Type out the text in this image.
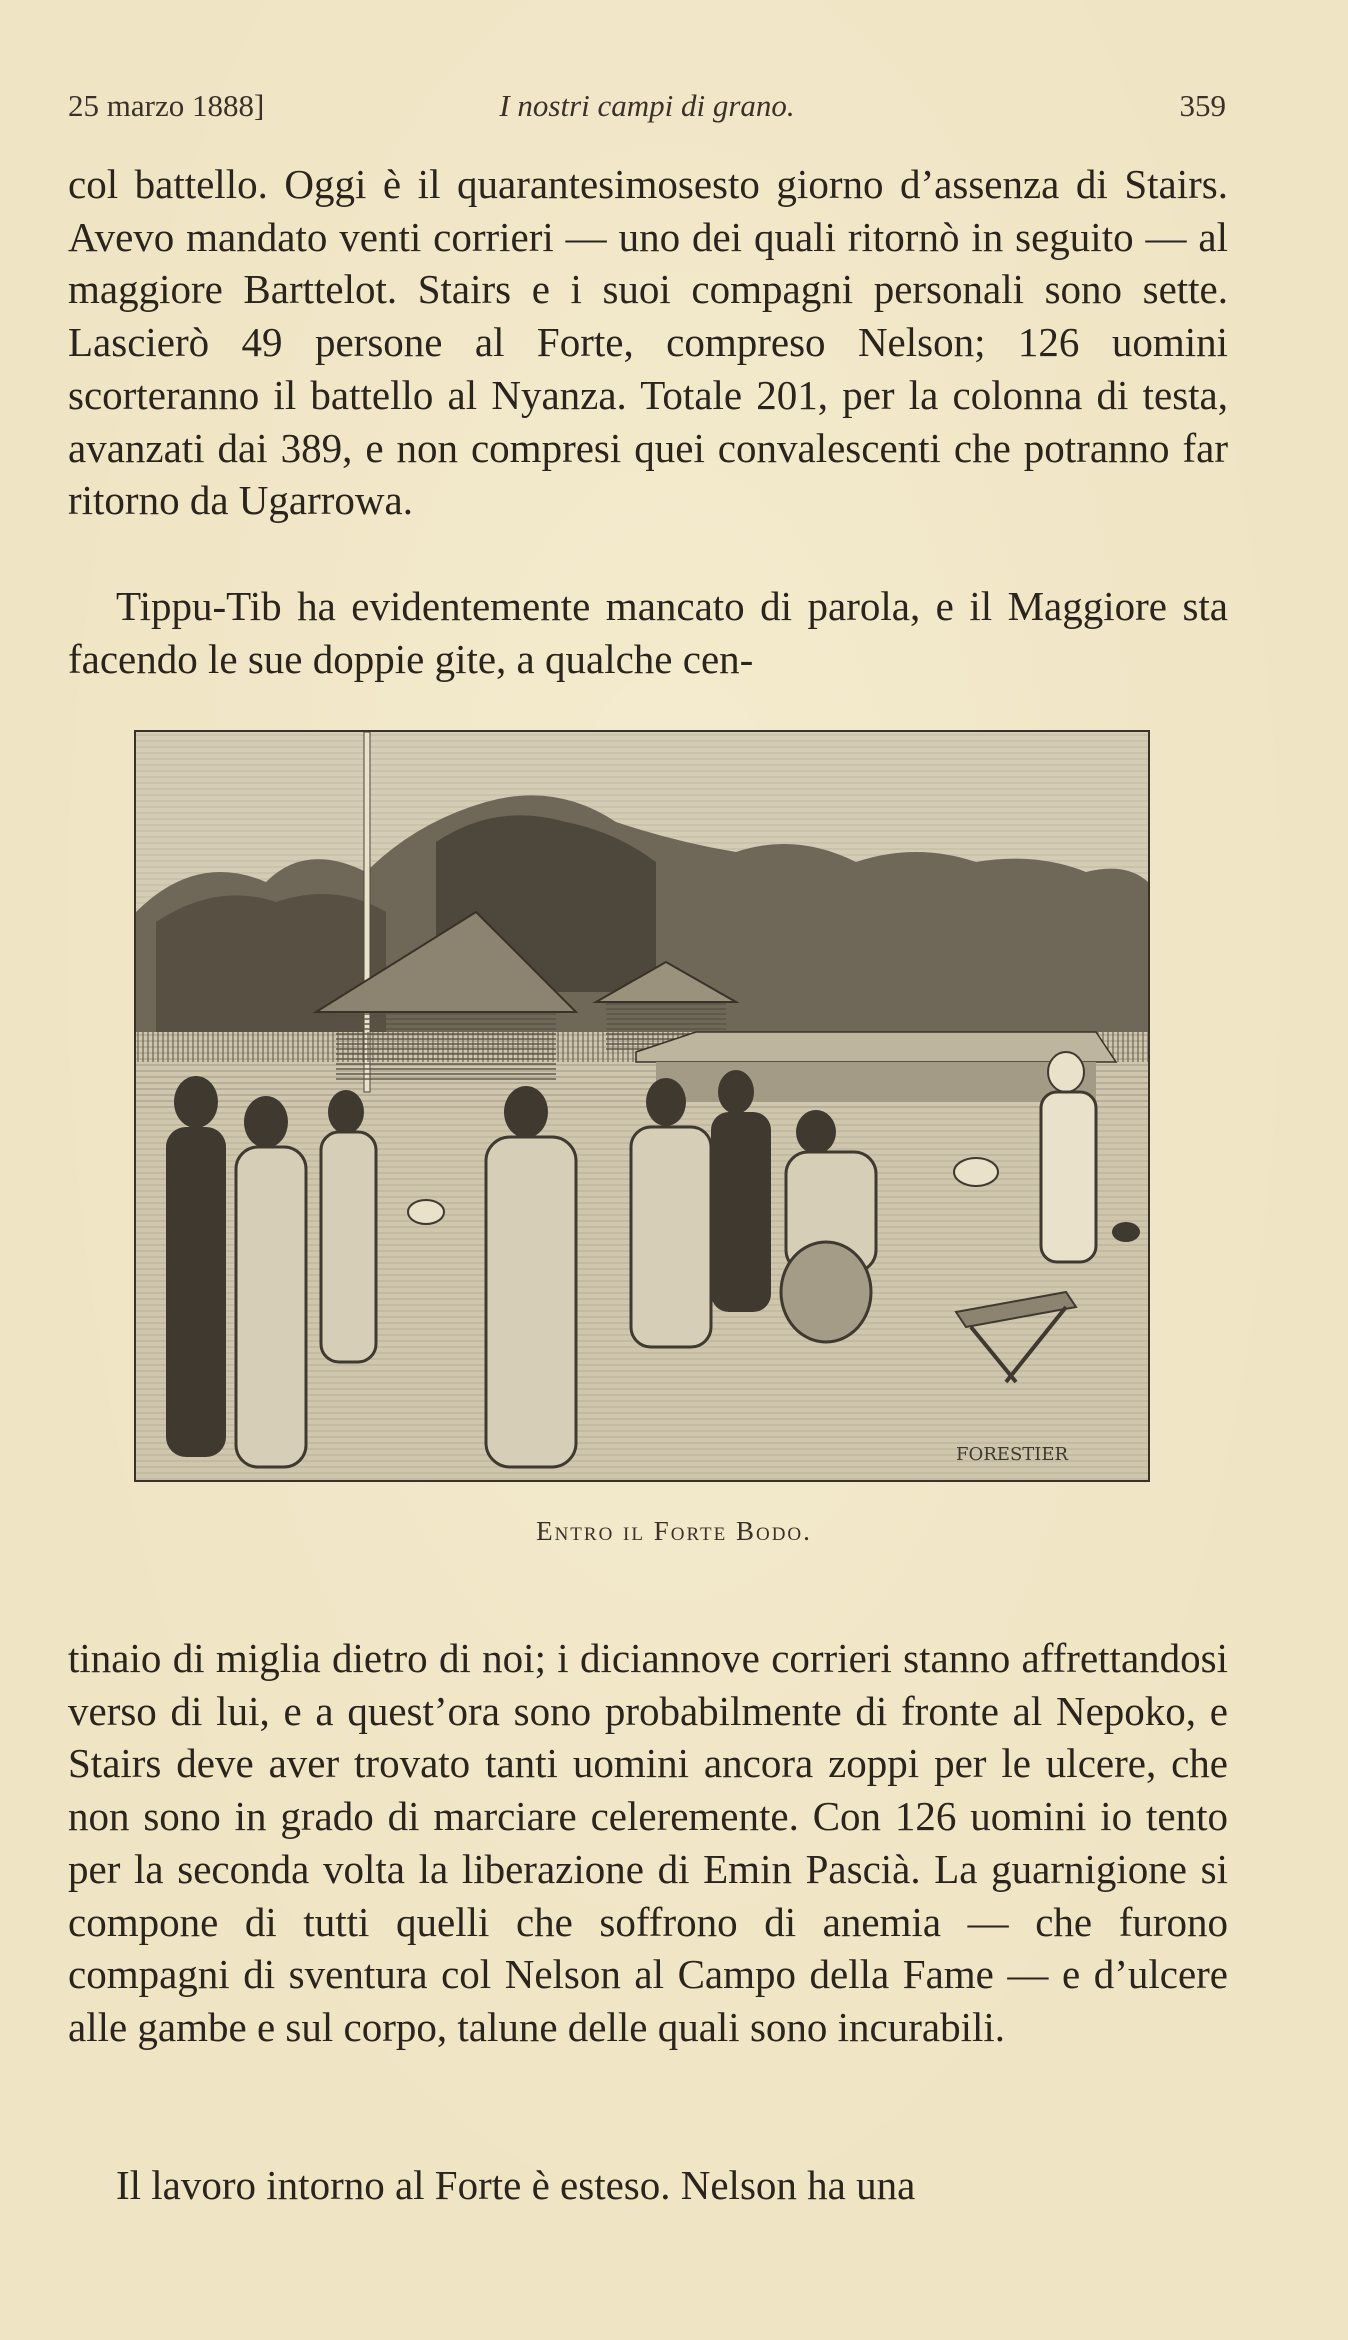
25 marzo 1888]	I nostri campi di grano.	359

col battello. Oggi è il quarantesimosesto giorno d’assenza di Stairs. Avevo mandato venti corrieri — uno dei quali ritornò in seguito — al maggiore Barttelot. Stairs e i suoi compagni personali sono sette. Lascierò 49 persone al Forte, compreso Nelson; 126 uomini scorteranno il battello al Nyanza. Totale 201, per la colonna di testa, avanzati dai 389, e non compresi quei convalescenti che potranno far ritorno da Ugarrowa.

Tippu-Tib ha evidentemente mancato di parola, e il Maggiore sta facendo le sue doppie gite, a qualche cen-

FORESTIER
Entro il Forte Bodo.

tinaio di miglia dietro di noi; i diciannove corrieri stanno affrettandosi verso di lui, e a quest’ora sono probabilmente di fronte al Nepoko, e Stairs deve aver trovato tanti uomini ancora zoppi per le ulcere, che non sono in grado di marciare celeremente. Con 126 uomini io tento per la seconda volta la liberazione di Emin Pascià. La guarnigione si compone di tutti quelli che soffrono di anemia — che furono compagni di sventura col Nelson al Campo della Fame — e d’ulcere alle gambe e sul corpo, talune delle quali sono incurabili.

Il lavoro intorno al Forte è esteso. Nelson ha una
